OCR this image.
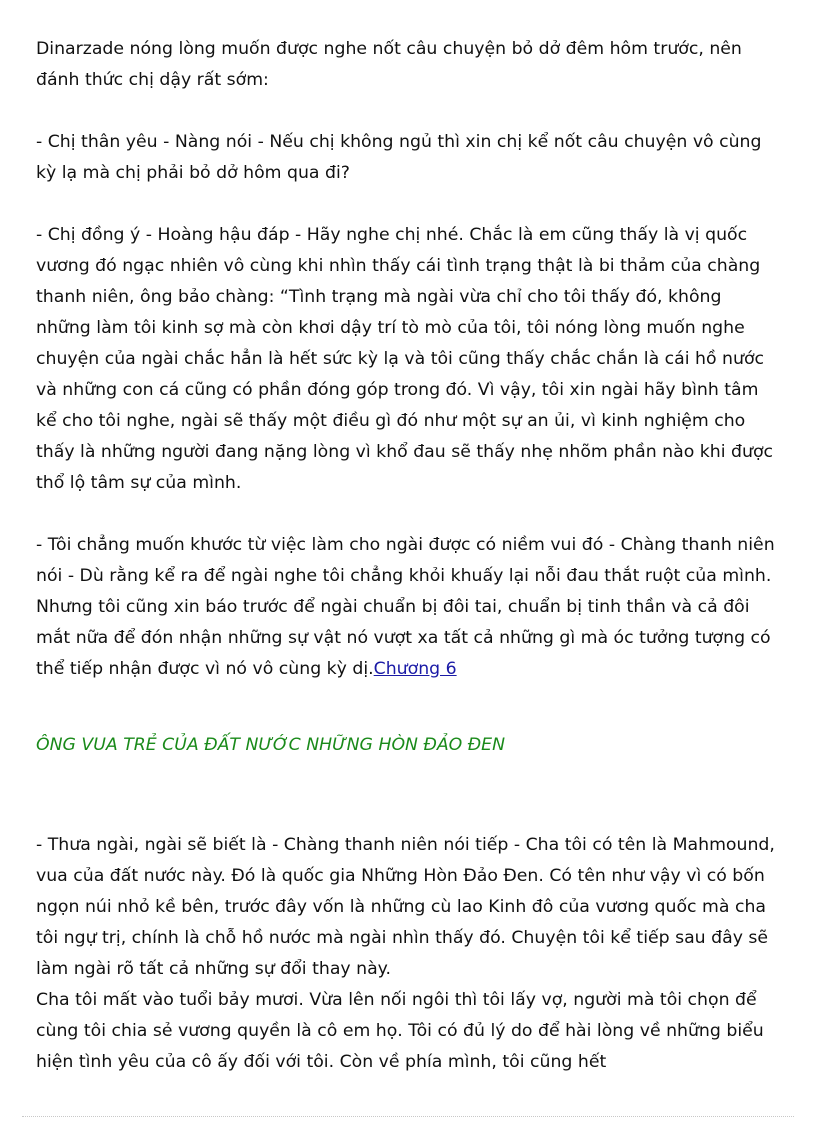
Dinarzade nóng lòng muốn được nghe nốt câu chuyện bỏ dở đêm hôm trước, nên đánh thức chị dậy rất sớm:

- Chị thân yêu - Nàng nói - Nếu chị không ngủ thì xin chị kể nốt câu chuyện vô cùng kỳ lạ mà chị phải bỏ dở hôm qua đi?

- Chị đồng ý - Hoàng hậu đáp - Hãy nghe chị nhé. Chắc là em cũng thấy là vị quốc vương đó ngạc nhiên vô cùng khi nhìn thấy cái tình trạng thật là bi thảm của chàng thanh niên, ông bảo chàng: “Tình trạng mà ngài vừa chỉ cho tôi thấy đó, không những làm tôi kinh sợ mà còn khơi dậy trí tò mò của tôi, tôi nóng lòng muốn nghe chuyện của ngài chắc hẳn là hết sức kỳ lạ và tôi cũng thấy chắc chắn là cái hồ nước và những con cá cũng có phần đóng góp trong đó. Vì vậy, tôi xin ngài hãy bình tâm kể cho tôi nghe, ngài sẽ thấy một điều gì đó như một sự an ủi, vì kinh nghiệm cho thấy là những người đang nặng lòng vì khổ đau sẽ thấy nhẹ nhõm phần nào khi được thổ lộ tâm sự của mình.

- Tôi chẳng muốn khước từ việc làm cho ngài được có niềm vui đó - Chàng thanh niên nói - Dù rằng kể ra để ngài nghe tôi chẳng khỏi khuấy lại nỗi đau thắt ruột của mình. Nhưng tôi cũng xin báo trước để ngài chuẩn bị đôi tai, chuẩn bị tinh thần và cả đôi mắt nữa để đón nhận những sự vật nó vượt xa tất cả những gì mà óc tưởng tượng có thể tiếp nhận được vì nó vô cùng kỳ dị.Chương 6

ÔNG VUA TRẺ CỦA ĐẤT NƯỚC NHỮNG HÒN ĐẢO ĐEN

- Thưa ngài, ngài sẽ biết là - Chàng thanh niên nói tiếp - Cha tôi có tên là Mahmound, vua của đất nước này. Đó là quốc gia Những Hòn Đảo Đen. Có tên như vậy vì có bốn ngọn núi nhỏ kề bên, trước đây vốn là những cù lao Kinh đô của vương quốc mà cha tôi ngự trị, chính là chỗ hồ nước mà ngài nhìn thấy đó. Chuyện tôi kể tiếp sau đây sẽ làm ngài rõ tất cả những sự đổi thay này.

Cha tôi mất vào tuổi bảy mươi. Vừa lên nối ngôi thì tôi lấy vợ, người mà tôi chọn để cùng tôi chia sẻ vương quyền là cô em họ. Tôi có đủ lý do để hài lòng về những biểu hiện tình yêu của cô ấy đối với tôi. Còn về phía mình, tôi cũng hết
